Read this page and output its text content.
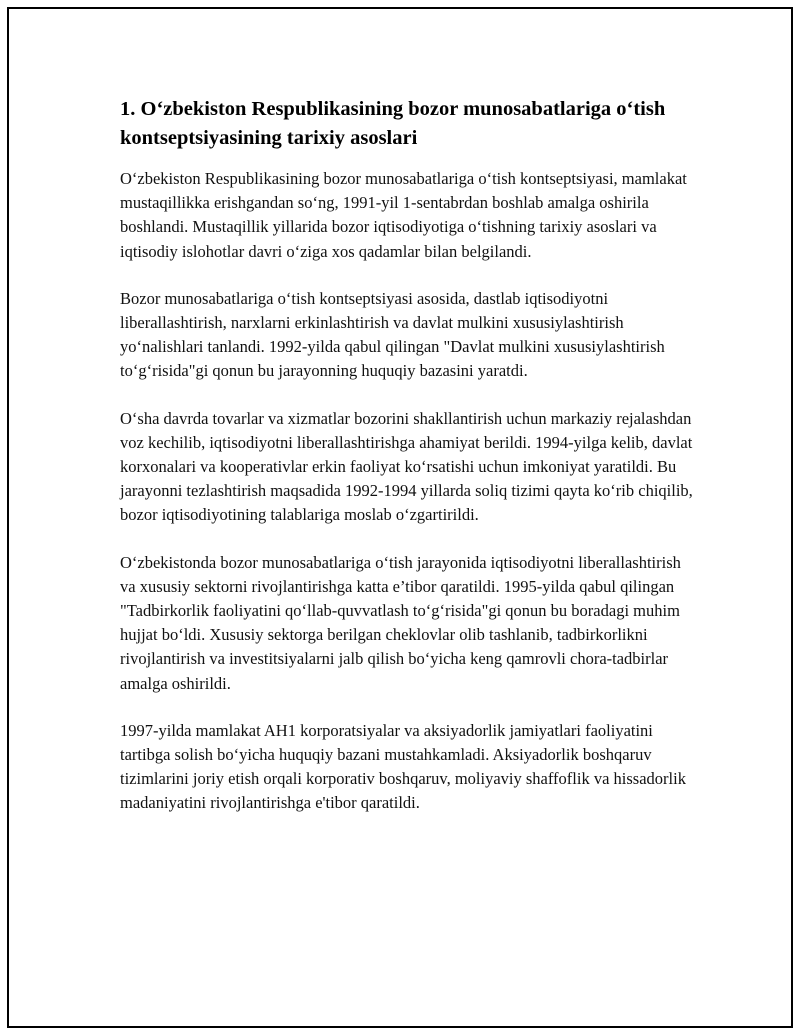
1. O‘zbekiston Respublikasining bozor munosabatlariga o‘tish kontseptsiyasining tarixiy asoslari

O‘zbekiston Respublikasining bozor munosabatlariga o‘tish kontseptsiyasi, mamlakat mustaqillikka erishgandan so‘ng, 1991-yil 1-sentabrdan boshlab amalga oshirila boshlandi. Mustaqillik yillarida bozor iqtisodiyotiga o‘tishning tarixiy asoslari va iqtisodiy islohotlar davri o‘ziga xos qadamlar bilan belgilandi.

Bozor munosabatlariga o‘tish kontseptsiyasi asosida, dastlab iqtisodiyotni liberallashtirish, narxlarni erkinlashtirish va davlat mulkini xususiylashtirish yo‘nalishlari tanlandi. 1992-yilda qabul qilingan "Davlat mulkini xususiylashtirish to‘g‘risida"gi qonun bu jarayonning huquqiy bazasini yaratdi.

O‘sha davrda tovarlar va xizmatlar bozorini shakllantirish uchun markaziy rejalashdan voz kechilib, iqtisodiyotni liberallashtirishga ahamiyat berildi. 1994-yilga kelib, davlat korxonalari va kooperativlar erkin faoliyat ko‘rsatishi uchun imkoniyat yaratildi. Bu jarayonni tezlashtirish maqsadida 1992-1994 yillarda soliq tizimi qayta ko‘rib chiqilib, bozor iqtisodiyotining talablariga moslab o‘zgartirildi.

O‘zbekistonda bozor munosabatlariga o‘tish jarayonida iqtisodiyotni liberallashtirish va xususiy sektorni rivojlantirishga katta e’tibor qaratildi. 1995-yilda qabul qilingan "Tadbirkorlik faoliyatini qo‘llab-quvvatlash to‘g‘risida"gi qonun bu boradagi muhim hujjat bo‘ldi. Xususiy sektorga berilgan cheklovlar olib tashlanib, tadbirkorlikni rivojlantirish va investitsiyalarni jalb qilish bo‘yicha keng qamrovli chora-tadbirlar amalga oshirildi.

1997-yilda mamlakat AH1 korporatsiyalar va aksiyadorlik jamiyatlari faoliyatini tartibga solish bo‘yicha huquqiy bazani mustahkamladi. Aksiyadorlik boshqaruv tizimlarini joriy etish orqali korporativ boshqaruv, moliyaviy shaffoflik va hissadorlik madaniyatini rivojlantirishga e'tibor qaratildi.
